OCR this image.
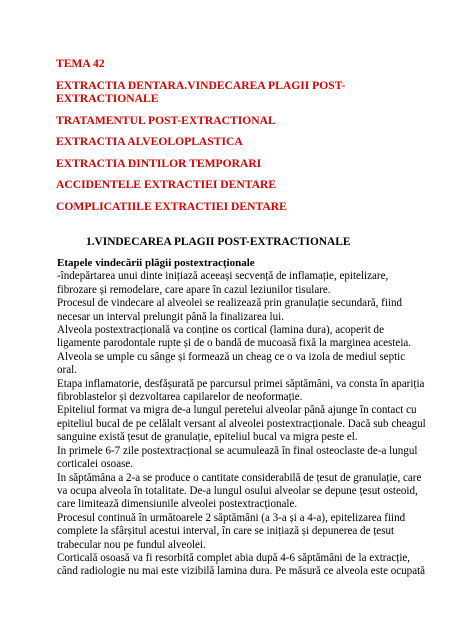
TEMA 42
EXTRACTIA DENTARA.VINDECAREA PLAGII POST-EXTRACTIONALE
TRATAMENTUL POST-EXTRACTIONAL
EXTRACTIA ALVEOLOPLASTICA
EXTRACTIA DINTILOR TEMPORARI
ACCIDENTELE EXTRACTIEI DENTARE
COMPLICATIILE EXTRACTIEI DENTARE
1.VINDECAREA PLAGII POST-EXTRACTIONALE
Etapele vindecării plăgii postextracționale
-îndepărtarea unui dinte inițiază aceeași secvență de inflamație, epitelizare,
fibrozare și remodelare, care apare în cazul leziunilor tisulare.
Procesul de vindecare al alveolei se realizează prin granulație secundară, fiind
necesar un interval prelungit până la finalizarea lui.
Alveola postextracțională va conține os cortical (lamina dura), acoperit de
ligamente parodontale rupte și de o bandă de mucoasă fixă la marginea acesteia.
Alveola se umple cu sânge și formează un cheag ce o va izola de mediul septic
oral.
Etapa inflamatorie, desfășurată pe parcursul primei săptămâni, va consta în apariția
fibroblastelor și dezvoltarea capilarelor de neoformație.
Epiteliul format va migra de-a lungul peretelui alveolar până ajunge în contact cu
epiteliul bucal de pe celălalt versant al alveolei postextracționale. Dacă sub cheagul
sanguine există țesut de granulație, epiteliul bucal va migra peste el.
In primele 6-7 zile postextracțional se acumulează în final osteoclaste de-a lungul
corticalei osoase.
In săptămâna a 2-a se produce o cantitate considerabilă de țesut de granulație, care
va ocupa alveola în totalitate. De-a lungul osului alveolar se depune țesut osteoid,
care limitează dimensiunile alveolei postextracționale.
Procesul continuă în următoarele 2 săptămâni (a 3-a și a 4-a), epitelizarea fiind
complete la sfârșitul acestui interval, în care se inițiază și depunerea de țesut
trabecular nou pe fundul alveolei.
Corticală osoasă va fi resorbită complet abia după 4-6 săptămâni de la extracție,
când radiologie nu mai este vizibilă lamina dura. Pe măsură ce alveola este ocupată
